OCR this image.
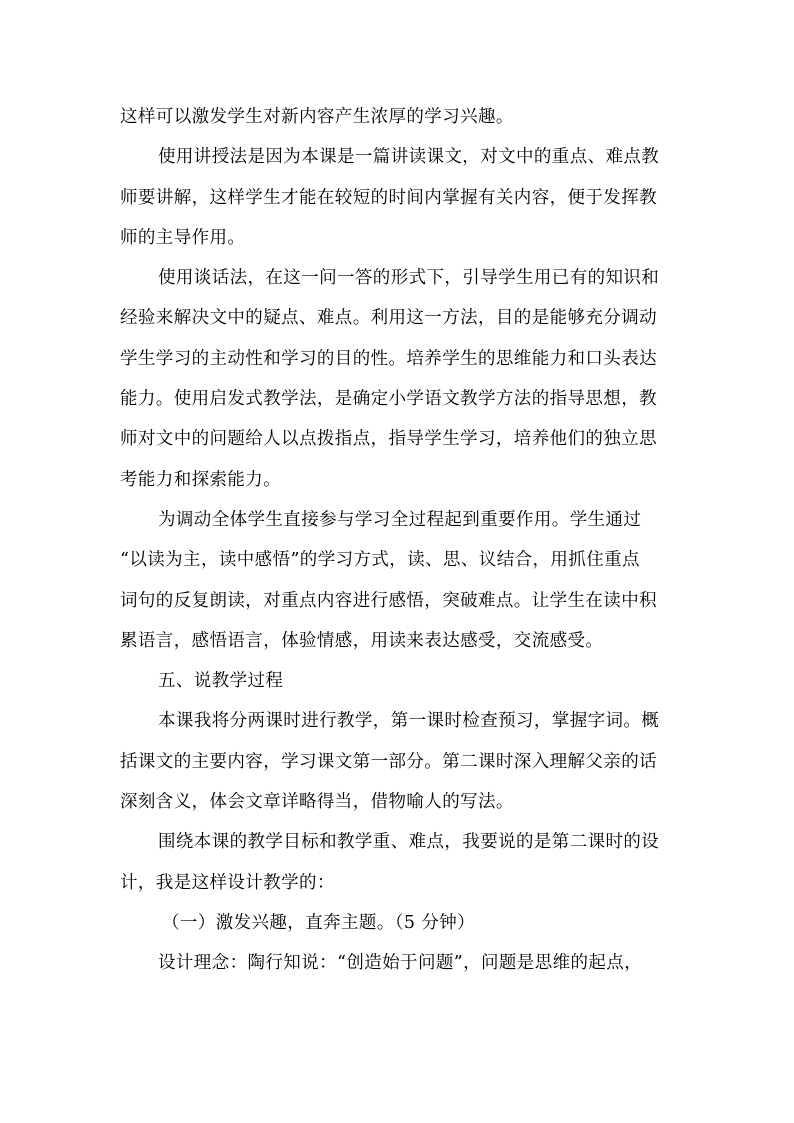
这样可以激发学生对新内容产生浓厚的学习兴趣。
使用讲授法是因为本课是一篇讲读课文，对文中的重点、难点教
师要讲解，这样学生才能在较短的时间内掌握有关内容，便于发挥教
师的主导作用。
使用谈话法，在这一问一答的形式下，引导学生用已有的知识和
经验来解决文中的疑点、难点。利用这一方法，目的是能够充分调动
学生学习的主动性和学习的目的性。培养学生的思维能力和口头表达
能力。使用启发式教学法，是确定小学语文教学方法的指导思想，教
师对文中的问题给人以点拨指点，指导学生学习，培养他们的独立思
考能力和探索能力。
为调动全体学生直接参与学习全过程起到重要作用。学生通过
“以读为主，读中感悟”的学习方式，读、思、议结合，用抓住重点
词句的反复朗读，对重点内容进行感悟，突破难点。让学生在读中积
累语言，感悟语言，体验情感，用读来表达感受，交流感受。
五、说教学过程
本课我将分两课时进行教学，第一课时检查预习，掌握字词。概
括课文的主要内容，学习课文第一部分。第二课时深入理解父亲的话
深刻含义，体会文章详略得当，借物喻人的写法。
围绕本课的教学目标和教学重、难点，我要说的是第二课时的设
计，我是这样设计教学的：
（一）激发兴趣，直奔主题。（5 分钟）
设计理念：陶行知说：“创造始于问题”，问题是思维的起点，
